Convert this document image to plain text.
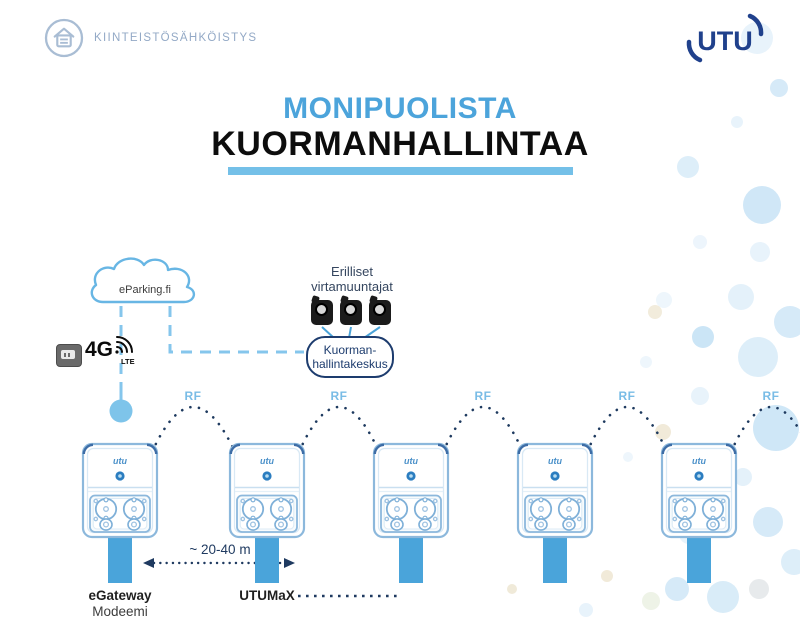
KIINTEISTÖSÄHKÖISTYS	UTU
MONIPUOLISTA
KUORMANHALLINTAA
eParking.fi
4G
LTE
Erilliset
virtamuuntajat
Kuorman-
hallintakeskus
RF	RF	RF	RF	RF
utu
eGateway
Modeemi
utu
UTUMaX
utu	utu	utu
~ 20-40 m
